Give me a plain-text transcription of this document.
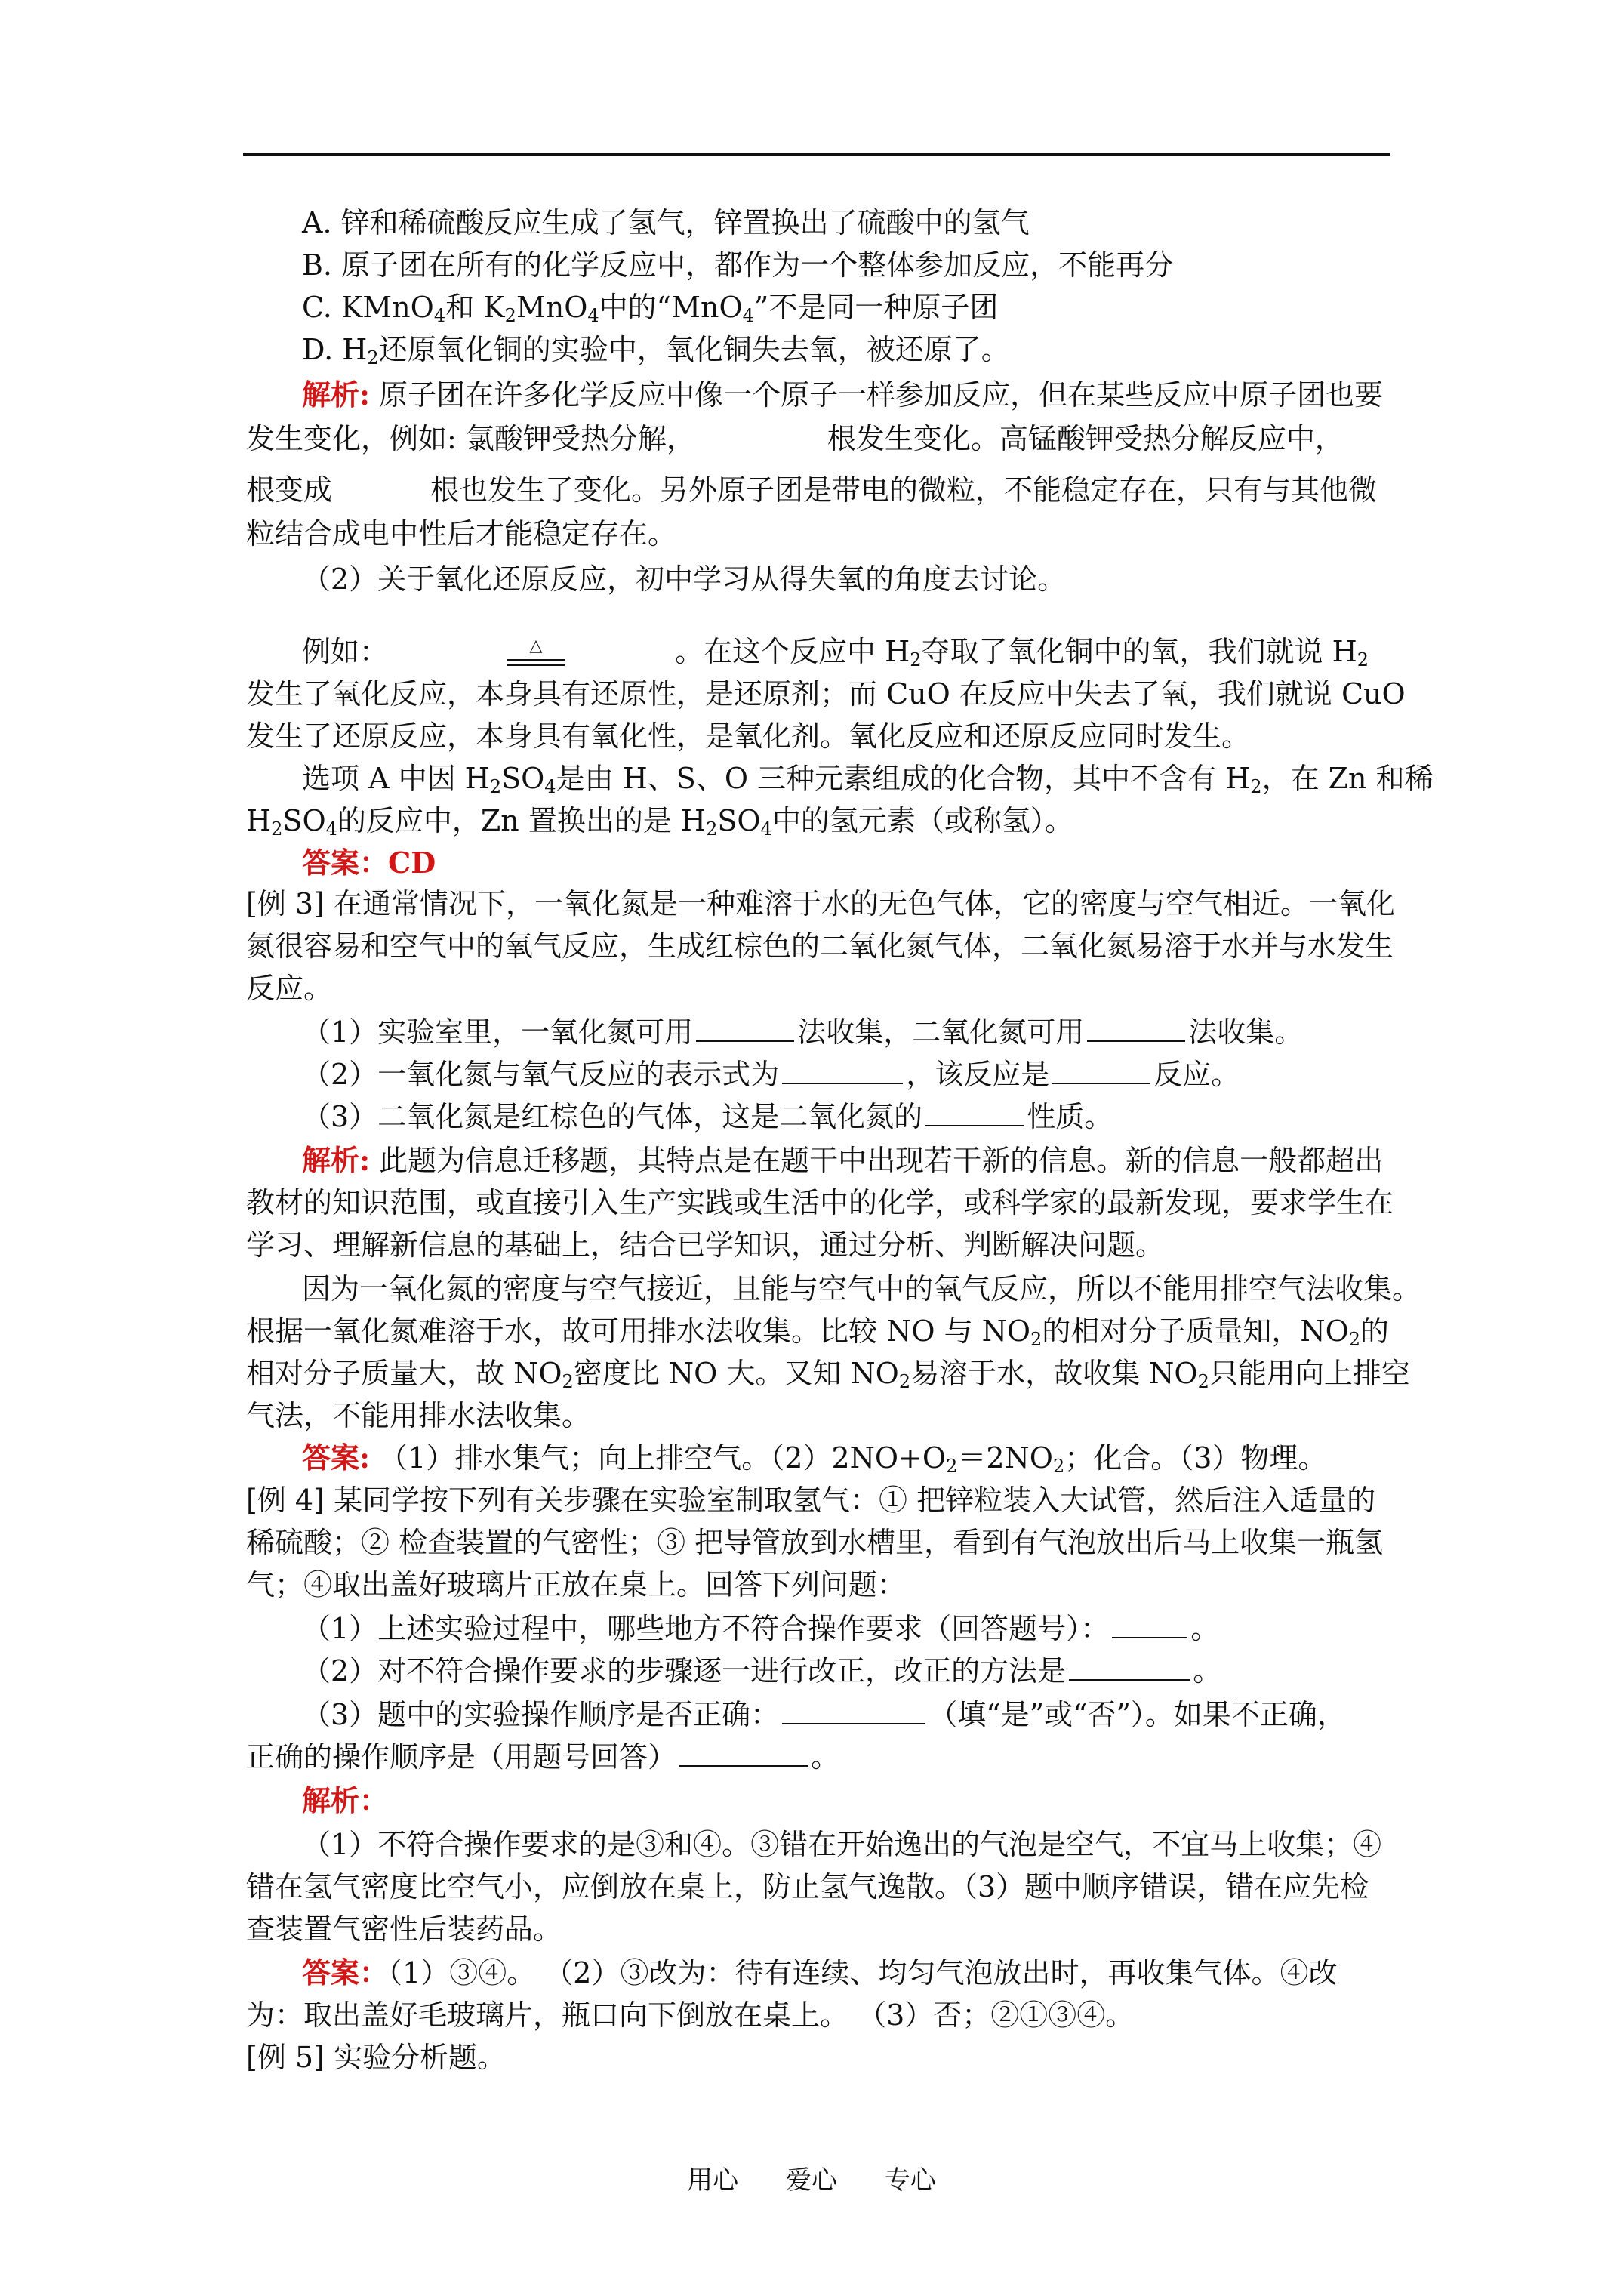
A. 锌和稀硫酸反应生成了氢气，锌置换出了硫酸中的氢气
B. 原子团在所有的化学反应中，都作为一个整体参加反应，不能再分
C. KMnO$_4$和 $K_2MnO_4$中的“MnO$_4$”不是同一种原子团
D. $H_2$还原氧化铜的实验中，氧化铜失去氧，被还原了。
解析: 原子团在许多化学反应中像一个原子一样参加反应，但在某些反应中原子团也要
发生变化，例如: 氯酸钾受热分解，	根发生变化。高锰酸钾受热分解反应中，
根变成	根也发生了变化。另外原子团是带电的微粒，不能稳定存在，只有与其他微
粒结合成电中性后才能稳定存在。
（2）关于氧化还原反应，初中学习从得失氧的角度去讨论。
△
例如：	。在这个反应中 $H_2$夺取了氧化铜中的氧，我们就说 $H_2$
发生了氧化反应，本身具有还原性，是还原剂；而 CuO 在反应中失去了氧，我们就说 CuO
发生了还原反应，本身具有氧化性，是氧化剂。氧化反应和还原反应同时发生。
选项 A 中因 $H_2SO_4$是由 H、S、O 三种元素组成的化合物，其中不含有 $H_2$，在 Zn 和稀
$H_2SO_4$的反应中，Zn 置换出的是 $H_2SO_4$中的氢元素（或称氢）。
答案：CD
[例 3] 在通常情况下，一氧化氮是一种难溶于水的无色气体，它的密度与空气相近。一氧化
氮很容易和空气中的氧气反应，生成红棕色的二氧化氮气体，二氧化氮易溶于水并与水发生
反应。
（1）实验室里，一氧化氮可用	法收集，二氧化氮可用	法收集。
（2）一氧化氮与氧气反应的表示式为	，该反应是	反应。
（3）二氧化氮是红棕色的气体，这是二氧化氮的	性质。
解析: 此题为信息迁移题，其特点是在题干中出现若干新的信息。新的信息一般都超出
教材的知识范围，或直接引入生产实践或生活中的化学，或科学家的最新发现，要求学生在
学习、理解新信息的基础上，结合已学知识，通过分析、判断解决问题。
因为一氧化氮的密度与空气接近，且能与空气中的氧气反应，所以不能用排空气法收集。
根据一氧化氮难溶于水，故可用排水法收集。比较 NO 与 $NO_2$的相对分子质量知，$NO_2$的
相对分子质量大，故 $NO_2$密度比 NO 大。又知 $NO_2$易溶于水，故收集 $NO_2$只能用向上排空
气法，不能用排水法收集。
答案: （1）排水集气；向上排空气。$(2)2NO+O_2=2NO_2$；化合。（3）物理。
[例 4] 某同学按下列有关步骤在实验室制取氢气：① 把锌粒装入大试管，然后注入适量的
稀硫酸；② 检查装置的气密性；③ 把导管放到水槽里，看到有气泡放出后马上收集一瓶氢
气；④取出盖好玻璃片正放在桌上。回答下列问题：
（1）上述实验过程中，哪些地方不符合操作要求（回答题号）：	。
（2）对不符合操作要求的步骤逐一进行改正，改正的方法是	。
（3）题中的实验操作顺序是否正确：	（填“是”或“否”）。如果不正确，
正确的操作顺序是（用题号回答）	。
解析：
（1）不符合操作要求的是③和④。③错在开始逸出的气泡是空气，不宜马上收集；④
错在氢气密度比空气小，应倒放在桌上，防止氢气逸散。（3）题中顺序错误，错在应先检
查装置气密性后装药品。
答案：（1）③④。 （2）③改为：待有连续、均匀气泡放出时，再收集气体。④改
为：取出盖好毛玻璃片，瓶口向下倒放在桌上。 （3）否；②①③④。
[例 5] 实验分析题。
用心 爱心 专心
